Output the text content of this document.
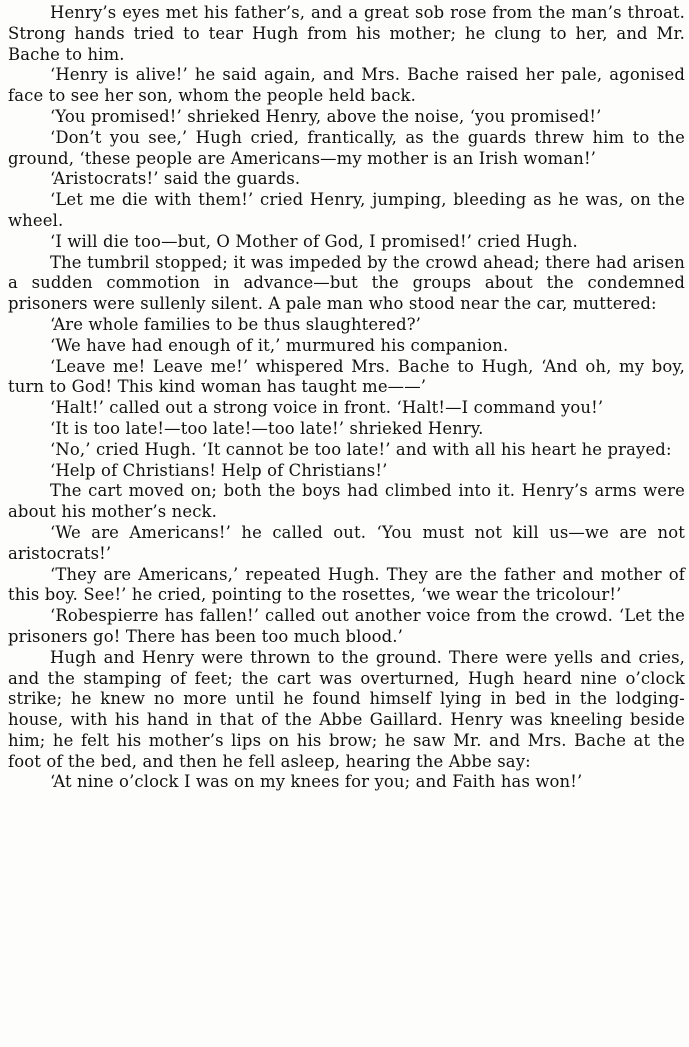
Henry’s eyes met his father’s, and a great sob rose from the man’s throat. Strong hands tried to tear Hugh from his mother; he clung to her, and Mr. Bache to him.

‘Henry is alive!’ he said again, and Mrs. Bache raised her pale, agonised face to see her son, whom the people held back.

‘You promised!’ shrieked Henry, above the noise, ‘you promised!’

‘Don’t you see,’ Hugh cried, frantically, as the guards threw him to the ground, ‘these people are Americans—my mother is an Irish woman!’

‘Aristocrats!’ said the guards.

‘Let me die with them!’ cried Henry, jumping, bleeding as he was, on the wheel.

‘I will die too—but, O Mother of God, I promised!’ cried Hugh.

The tumbril stopped; it was impeded by the crowd ahead; there had arisen a sudden commotion in advance—but the groups about the condemned prisoners were sullenly silent. A pale man who stood near the car, muttered:

‘Are whole families to be thus slaughtered?’

‘We have had enough of it,’ murmured his companion.

‘Leave me! Leave me!’ whispered Mrs. Bache to Hugh, ‘And oh, my boy, turn to God! This kind woman has taught me——’

‘Halt!’ called out a strong voice in front. ‘Halt!—I command you!’

‘It is too late!—too late!—too late!’ shrieked Henry.

‘No,’ cried Hugh. ‘It cannot be too late!’ and with all his heart he prayed:

‘Help of Christians! Help of Christians!’

The cart moved on; both the boys had climbed into it. Henry’s arms were about his mother’s neck.

‘We are Americans!’ he called out. ‘You must not kill us—we are not aristocrats!’

‘They are Americans,’ repeated Hugh. They are the father and mother of this boy. See!’ he cried, pointing to the rosettes, ‘we wear the tricolour!’

‘Robespierre has fallen!’ called out another voice from the crowd. ‘Let the prisoners go! There has been too much blood.’

Hugh and Henry were thrown to the ground. There were yells and cries, and the stamping of feet; the cart was overturned, Hugh heard nine o’clock strike; he knew no more until he found himself lying in bed in the lodging-house, with his hand in that of the Abbe Gaillard. Henry was kneeling beside him; he felt his mother’s lips on his brow; he saw Mr. and Mrs. Bache at the foot of the bed, and then he fell asleep, hearing the Abbe say:

‘At nine o’clock I was on my knees for you; and Faith has won!’
